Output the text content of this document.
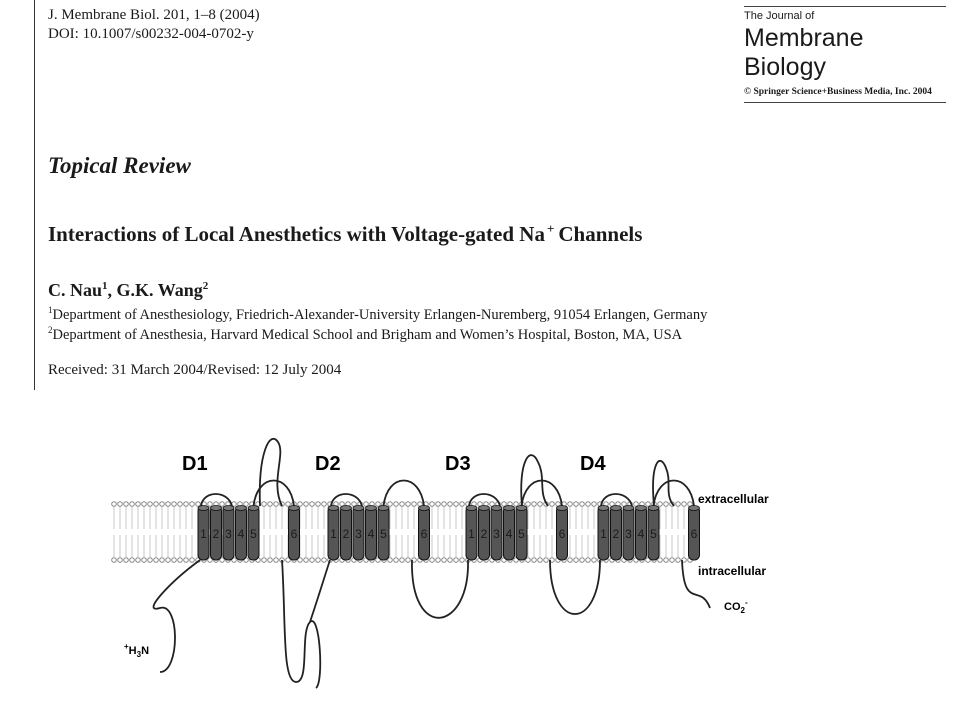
J. Membrane Biol. 201, 1–8 (2004)
DOI: 10.1007/s00232-004-0702-y
The Journal of
Membrane
Biology
© Springer Science+Business Media, Inc. 2004
Topical Review
Interactions of Local Anesthetics with Voltage-gated Na + Channels
C. Nau$^1$, G.K. Wang$^2$
$^1$Department of Anesthesiology, Friedrich-Alexander-University Erlangen-Nuremberg, 91054 Erlangen, Germany
$^2$Department of Anesthesia, Harvard Medical School and Brigham and Women’s Hospital, Boston, MA, USA
Received: 31 March 2004/Revised: 12 July 2004
1 2 3 4 5	6	1 2 3 4 5	6	1 2 3 4 5	6	1 2 3 4 5	6
D1	D2	D3	D4
extracellular
intracellular
$^+H_3N$
$CO_2^-$
